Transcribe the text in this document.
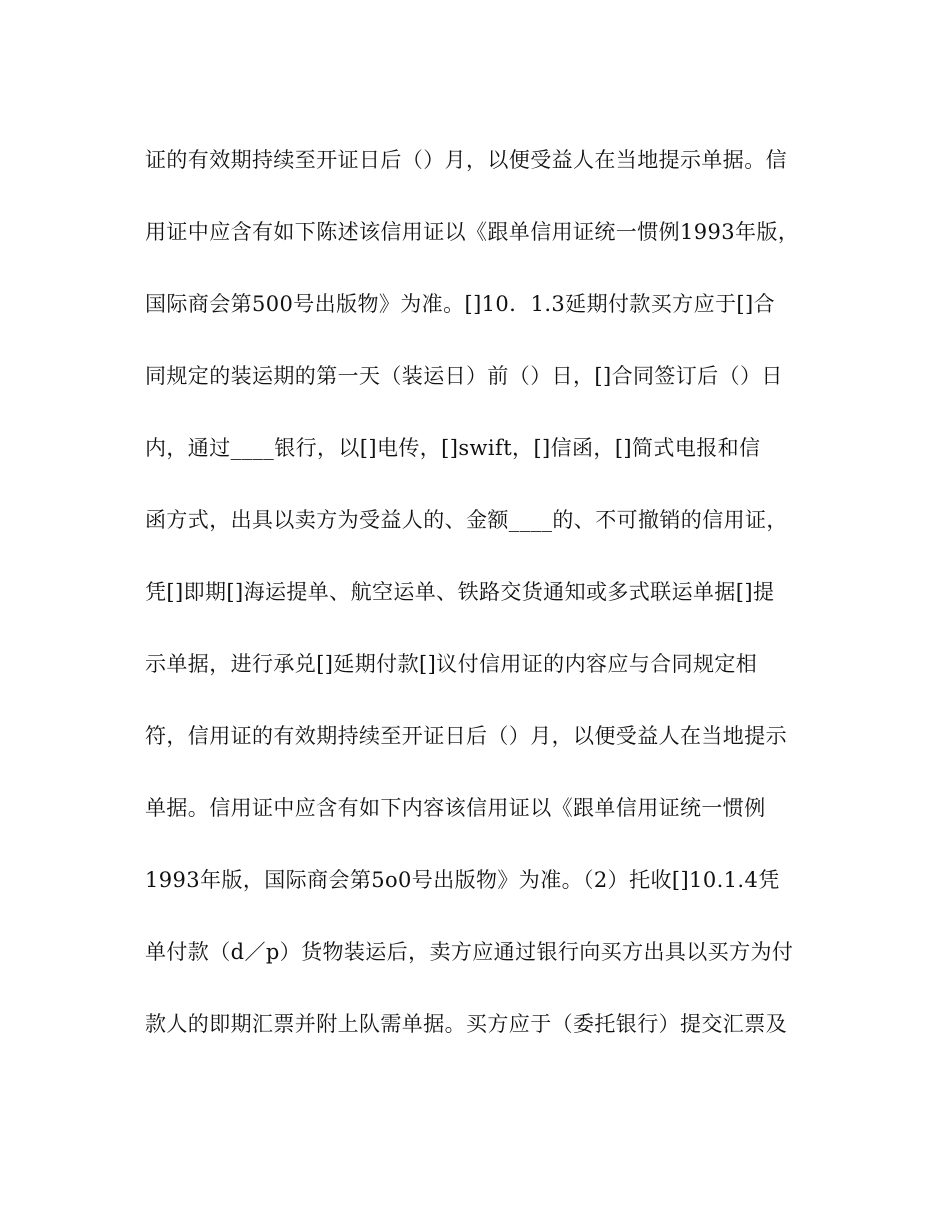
证的有效期持续至开证日后（）月，以便受益人在当地提示单据。信
用证中应含有如下陈述该信用证以《跟单信用证统一惯例1993年版，
国际商会第500号出版物》为准。[]10．1.3延期付款买方应于[]合
同规定的装运期的第一天（装运日）前（）日，[]合同签订后（）日
内，通过____银行，以[]电传，[]swift，[]信函，[]简式电报和信
函方式，出具以卖方为受益人的、金额____的、不可撤销的信用证，
凭[]即期[]海运提单、航空运单、铁路交货通知或多式联运单据[]提
示单据，进行承兑[]延期付款[]议付信用证的内容应与合同规定相
符，信用证的有效期持续至开证日后（）月，以便受益人在当地提示
单据。信用证中应含有如下内容该信用证以《跟单信用证统一惯例
1993年版，国际商会第5o0号出版物》为准。（2）托收[]10.1.4凭
单付款（d／p）货物装运后，卖方应通过银行向买方出具以买方为付
款人的即期汇票并附上队需单据。买方应于（委托银行）提交汇票及
